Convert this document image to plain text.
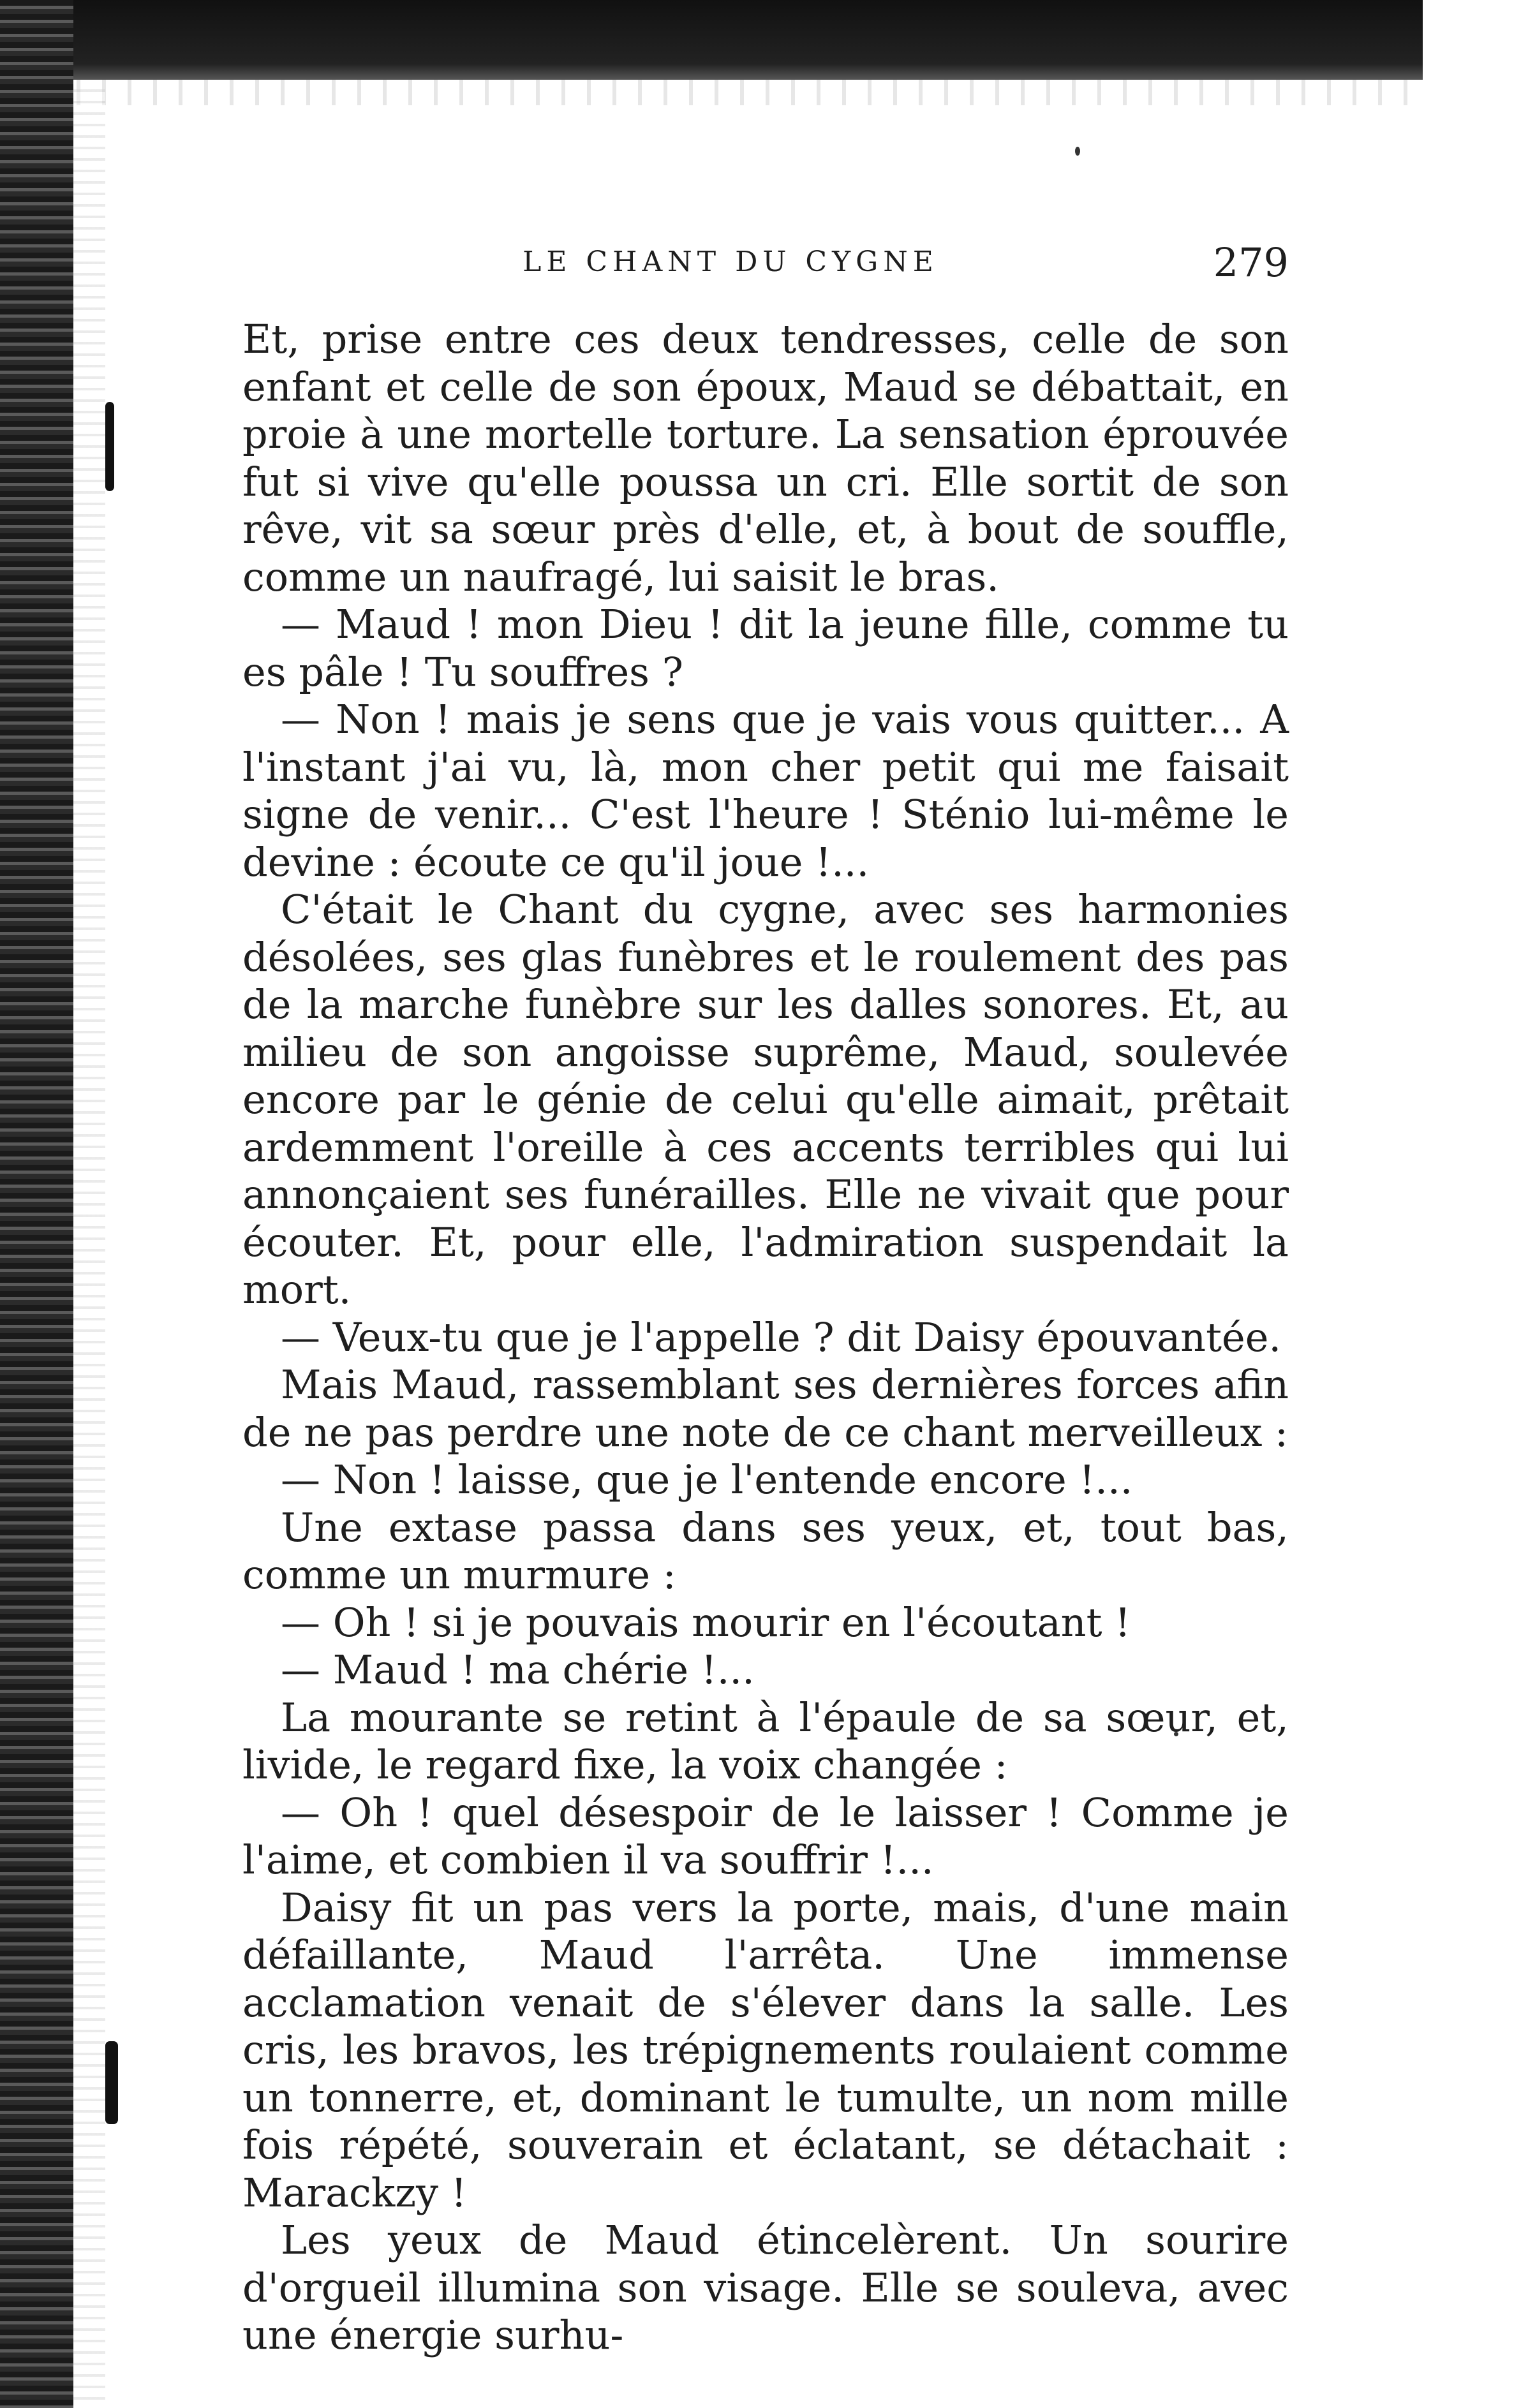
LE CHANT DU CYGNE	279

Et, prise entre ces deux tendresses, celle de son enfant et celle de son époux, Maud se débattait, en proie à une mortelle torture. La sensation éprouvée fut si vive qu'elle poussa un cri. Elle sortit de son rêve, vit sa sœur près d'elle, et, à bout de souffle, comme un naufragé, lui saisit le bras.

— Maud ! mon Dieu ! dit la jeune fille, comme tu es pâle ! Tu souffres ?

— Non ! mais je sens que je vais vous quitter... A l'instant j'ai vu, là, mon cher petit qui me faisait signe de venir... C'est l'heure ! Sténio lui-même le devine : écoute ce qu'il joue !...

C'était le Chant du cygne, avec ses harmonies désolées, ses glas funèbres et le roulement des pas de la marche funèbre sur les dalles sonores. Et, au milieu de son angoisse suprême, Maud, soulevée encore par le génie de celui qu'elle aimait, prêtait ardemment l'oreille à ces accents terribles qui lui annonçaient ses funérailles. Elle ne vivait que pour écouter. Et, pour elle, l'admiration suspendait la mort.

— Veux-tu que je l'appelle ? dit Daisy épouvantée.

Mais Maud, rassemblant ses dernières forces afin de ne pas perdre une note de ce chant merveilleux :

— Non ! laisse, que je l'entende encore !...

Une extase passa dans ses yeux, et, tout bas, comme un murmure :

— Oh ! si je pouvais mourir en l'écoutant !

— Maud ! ma chérie !...

La mourante se retint à l'épaule de sa sœur, et, livide, le regard fixe, la voix changée :

— Oh ! quel désespoir de le laisser ! Comme je l'aime, et combien il va souffrir !...

Daisy fit un pas vers la porte, mais, d'une main défaillante, Maud l'arrêta. Une immense acclamation venait de s'élever dans la salle. Les cris, les bravos, les trépignements roulaient comme un tonnerre, et, dominant le tumulte, un nom mille fois répété, souverain et éclatant, se détachait : Marackzy !

Les yeux de Maud étincelèrent. Un sourire d'orgueil illumina son visage. Elle se souleva, avec une énergie surhu-
